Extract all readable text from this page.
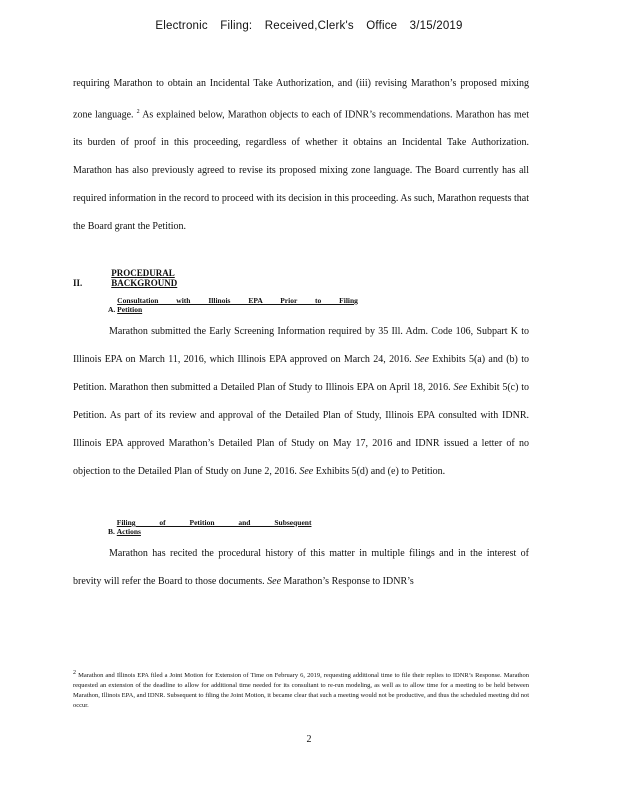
Electronic Filing: Received,Clerk's Office 3/15/2019
requiring Marathon to obtain an Incidental Take Authorization, and (iii) revising Marathon’s proposed mixing zone language. $^2$ As explained below, Marathon objects to each of IDNR’s recommendations. Marathon has met its burden of proof in this proceeding, regardless of whether it obtains an Incidental Take Authorization. Marathon has also previously agreed to revise its proposed mixing zone language. The Board currently has all required information in the record to proceed with its decision in this proceeding. As such, Marathon requests that the Board grant the Petition.
II. PROCEDURAL BACKGROUND
A. Consultation with Illinois EPA Prior to Filing Petition
Marathon submitted the Early Screening Information required by 35 Ill. Adm. Code 106, Subpart K to Illinois EPA on March 11, 2016, which Illinois EPA approved on March 24, 2016. See Exhibits 5(a) and (b) to Petition. Marathon then submitted a Detailed Plan of Study to Illinois EPA on April 18, 2016. See Exhibit 5(c) to Petition. As part of its review and approval of the Detailed Plan of Study, Illinois EPA consulted with IDNR. Illinois EPA approved Marathon’s Detailed Plan of Study on May 17, 2016 and IDNR issued a letter of no objection to the Detailed Plan of Study on June 2, 2016. See Exhibits 5(d) and (e) to Petition.
B. Filing of Petition and Subsequent Actions
Marathon has recited the procedural history of this matter in multiple filings and in the interest of brevity will refer the Board to those documents. See Marathon’s Response to IDNR’s
2 Marathon and Illinois EPA filed a Joint Motion for Extension of Time on February 6, 2019, requesting additional time to file their replies to IDNR’s Response. Marathon requested an extension of the deadline to allow for additional time needed for its consultant to re-run modeling, as well as to allow time for a meeting to be held between Marathon, Illinois EPA, and IDNR. Subsequent to filing the Joint Motion, it became clear that such a meeting would not be productive, and thus the scheduled meeting did not occur.
2
